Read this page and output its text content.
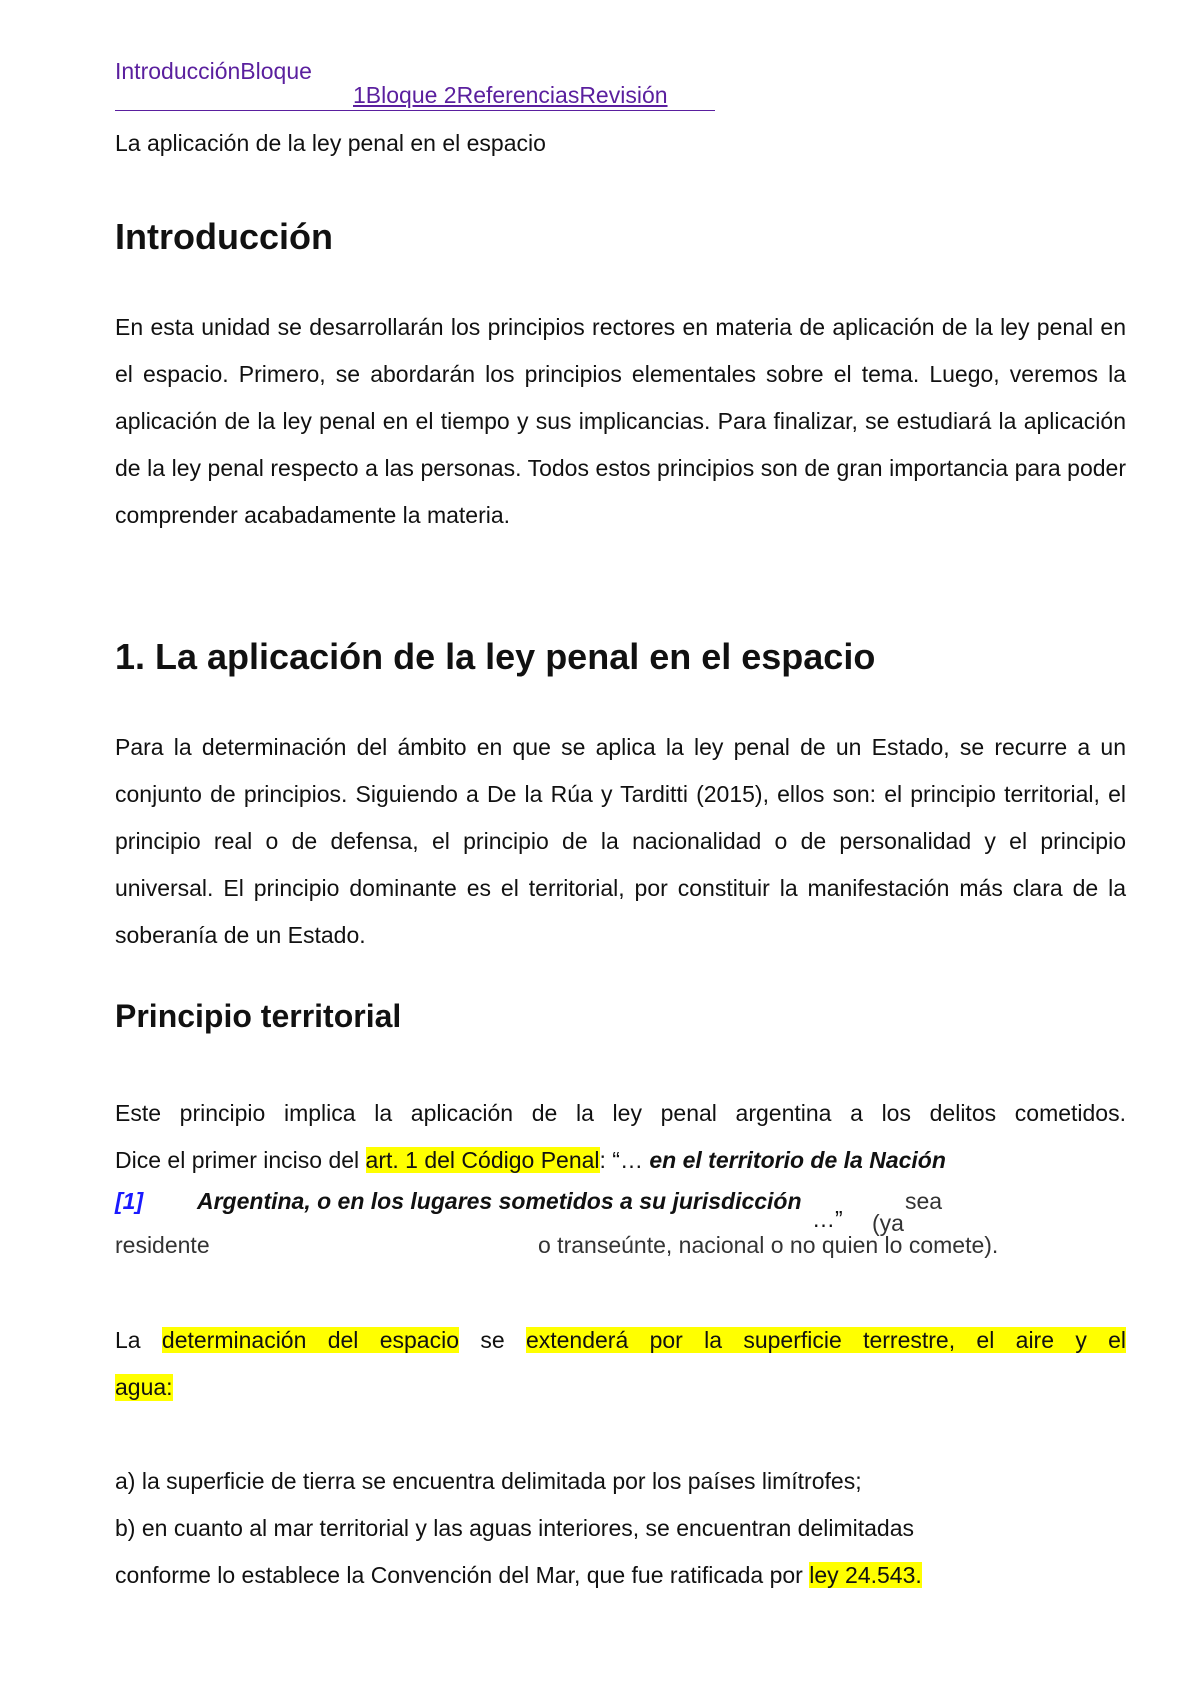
IntroducciónBloque
1Bloque 2ReferenciasRevisión
La aplicación de la ley penal en el espacio
Introducción

En esta unidad se desarrollarán los principios rectores en materia de aplicación de la ley penal en el espacio. Primero, se abordarán los principios elementales sobre el tema. Luego, veremos la aplicación de la ley penal en el tiempo y sus implicancias. Para finalizar, se estudiará la aplicación de la ley penal respecto a las personas. Todos estos principios son de gran importancia para poder comprender acabadamente la materia.

1. La aplicación de la ley penal en el espacio

Para la determinación del ámbito en que se aplica la ley penal de un Estado, se recurre a un conjunto de principios. Siguiendo a De la Rúa y Tarditti (2015), ellos son: el principio territorial, el principio real o de defensa, el principio de la nacionalidad o de personalidad y el principio universal. El principio dominante es el territorial, por constituir la manifestación más clara de la soberanía de un Estado.

Principio territorial
Este principio implica la aplicación de la ley penal argentina a los delitos cometidos.
Dice el primer inciso del art. 1 del Código Penal: “… en el territorio de la Nación
[1] Argentina, o en los lugares sometidos a su jurisdicción	sea
…” (ya
residente	o transeúnte, nacional o no quien lo comete).
La determinación del espacio se extenderá por la superficie terrestre, el aire y el
agua:
a) la superficie de tierra se encuentra delimitada por los países limítrofes;
b) en cuanto al mar territorial y las aguas interiores, se encuentran delimitadas
conforme lo establece la Convención del Mar, que fue ratificada por ley 24.543.
